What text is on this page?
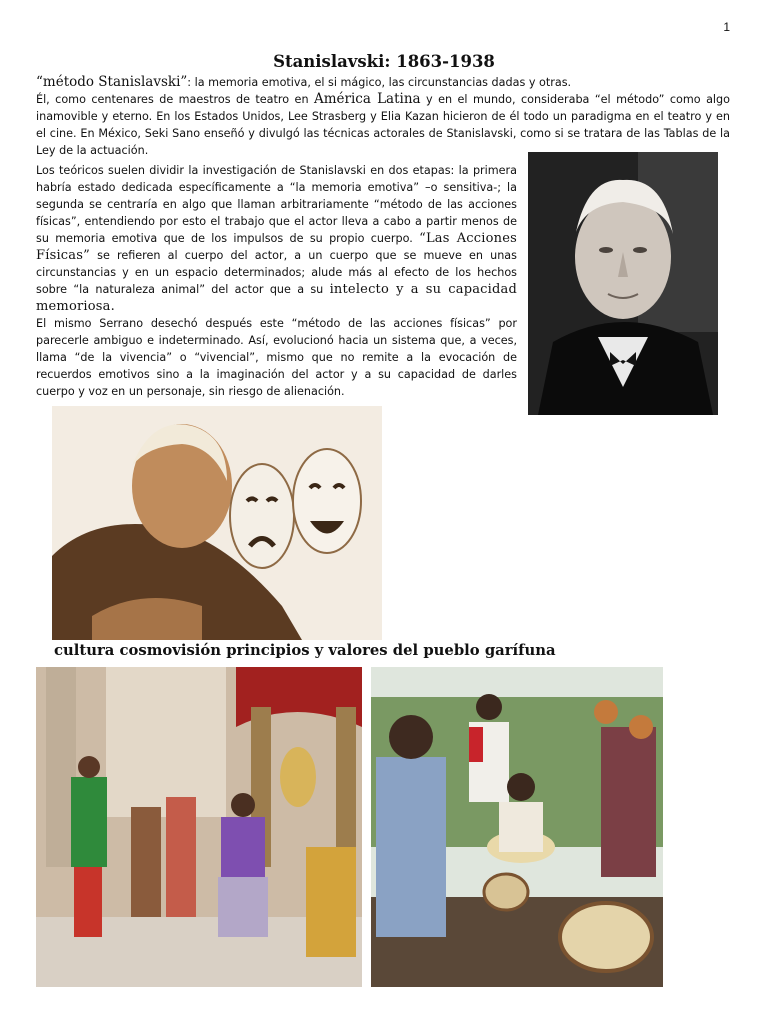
1
Stanislavski: 1863-1938
“método Stanislavski”: la memoria emotiva, el si mágico, las circunstancias dadas y otras.
Él, como centenares de maestros de teatro en América Latina y en el mundo, consideraba “el método” como algo inamovible y eterno. En los Estados Unidos, Lee Strasberg y Elia Kazan hicieron de él todo un paradigma en el teatro y en el cine. En México, Seki Sano enseñó y divulgó las técnicas actorales de Stanislavski, como si se tratara de las Tablas de la Ley de la actuación.

Los teóricos suelen dividir la investigación de Stanislavski en dos etapas: la primera habría estado dedicada específicamente a “la memoria emotiva” –o sensitiva-; la segunda se centraría en algo que llaman arbitrariamente “método de las acciones físicas”, entendiendo por esto el trabajo que el actor lleva a cabo a partir menos de su memoria emotiva que de los impulsos de su propio cuerpo. “Las Acciones Físicas” se refieren al cuerpo del actor, a un cuerpo que se mueve en unas circunstancias y en un espacio determinados; alude más al efecto de los hechos sobre “la naturaleza animal” del actor que a su intelecto y a su capacidad memoriosa.

El mismo Serrano desechó después este “método de las acciones físicas” por parecerle ambiguo e indeterminado. Así, evolucionó hacia un sistema que, a veces, llama “de la vivencia” o “vivencial”, mismo que no remite a la evocación de recuerdos emotivos sino a la imaginación del actor y a su capacidad de darles cuerpo y voz en un personaje, sin riesgo de alienación.

cultura cosmovisión principios y valores del pueblo garífuna
